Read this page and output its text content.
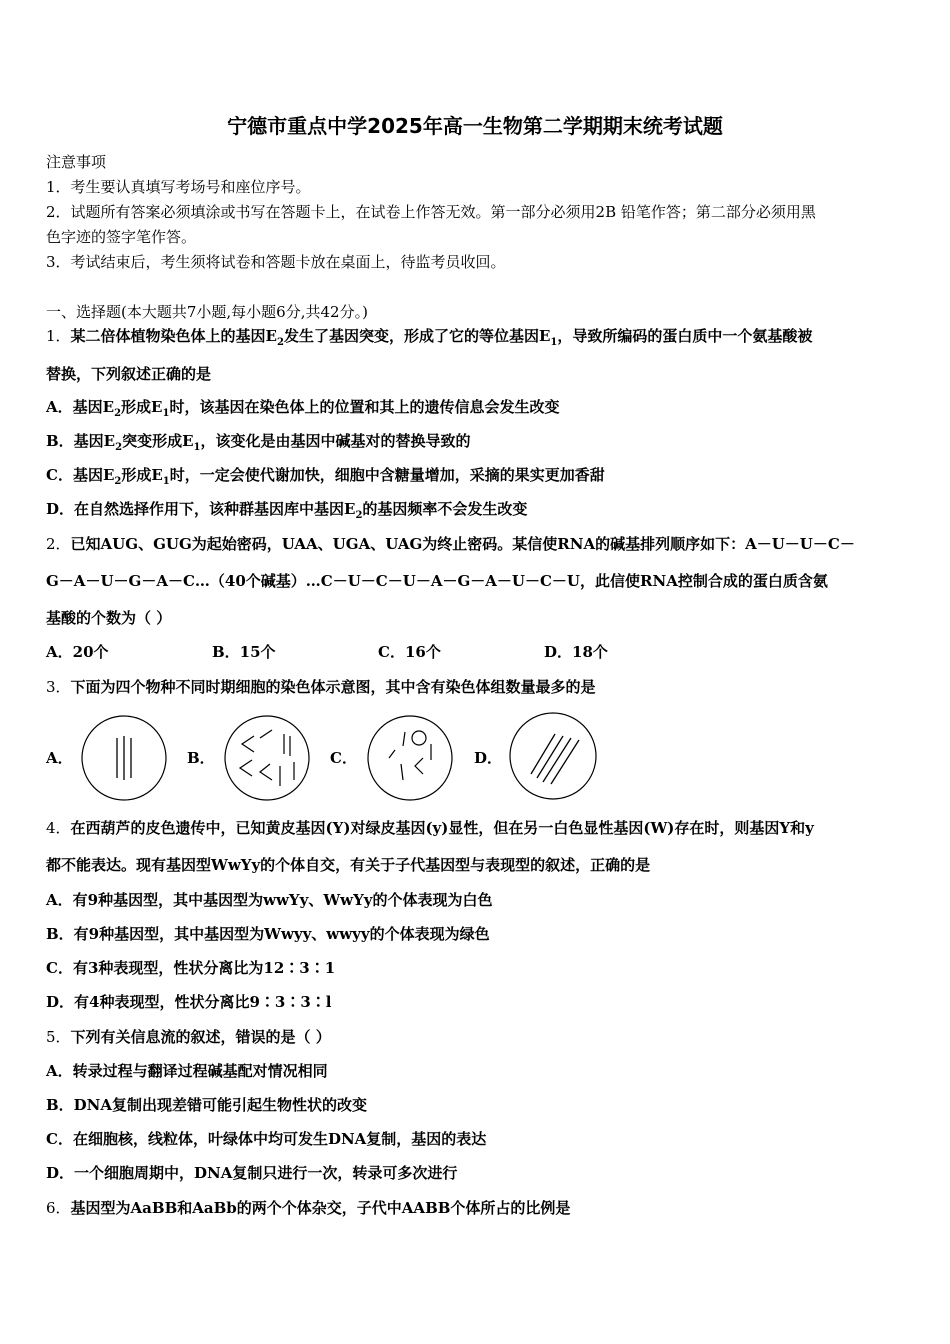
宁德市重点中学2025年高一生物第二学期期末统考试题
注意事项
1．考生要认真填写考场号和座位序号。
2．试题所有答案必须填涂或书写在答题卡上，在试卷上作答无效。第一部分必须用2B 铅笔作答；第二部分必须用黑
色字迹的签字笔作答。
3．考试结束后，考生须将试卷和答题卡放在桌面上，待监考员收回。
一、选择题(本大题共7小题,每小题6分,共42分。)
1．某二倍体植物染色体上的基因$E_2$发生了基因突变，形成了它的等位基因$E_1$，导致所编码的蛋白质中一个氨基酸被
替换，下列叙述正确的是
A．基因$E_2$形成$E_1$时，该基因在染色体上的位置和其上的遗传信息会发生改变
B．基因$E_2$突变形成$E_1$，该变化是由基因中碱基对的替换导致的
C．基因$E_2$形成$E_1$时，一定会使代谢加快，细胞中含糖量增加，采摘的果实更加香甜
D．在自然选择作用下，该种群基因库中基因$E_2$的基因频率不会发生改变
2．已知AUG、GUG为起始密码，UAA、UGA、UAG为终止密码。某信使RNA的碱基排列顺序如下：A－U－U－C－
G－A－U－G－A－C…（40个碱基）…C－U－C－U－A－G－A－U－C－U，此信使RNA控制合成的蛋白质含氨
基酸的个数为（ ）
A．20个	B．15个	C．16个	D．18个
3．下面为四个物种不同时期细胞的染色体示意图，其中含有染色体组数量最多的是
A．	B．	C．	D．
4．在西葫芦的皮色遗传中，已知黄皮基因(Y)对绿皮基因(y)显性，但在另一白色显性基因(W)存在时，则基因Y和y
都不能表达。现有基因型WwYy的个体自交，有关于子代基因型与表现型的叙述，正确的是
A．有9种基因型，其中基因型为wwYy、WwYy的个体表现为白色
B．有9种基因型，其中基因型为Wwyy、wwyy的个体表现为绿色
C．有3种表现型，性状分离比为12∶3∶1
D．有4种表现型，性状分离比9∶3∶3∶l
5．下列有关信息流的叙述，错误的是（ ）
A．转录过程与翻译过程碱基配对情况相同
B．DNA复制出现差错可能引起生物性状的改变
C．在细胞核，线粒体，叶绿体中均可发生DNA复制，基因的表达
D．一个细胞周期中，DNA复制只进行一次，转录可多次进行
6．基因型为AaBB和AaBb的两个个体杂交，子代中AABB个体所占的比例是
